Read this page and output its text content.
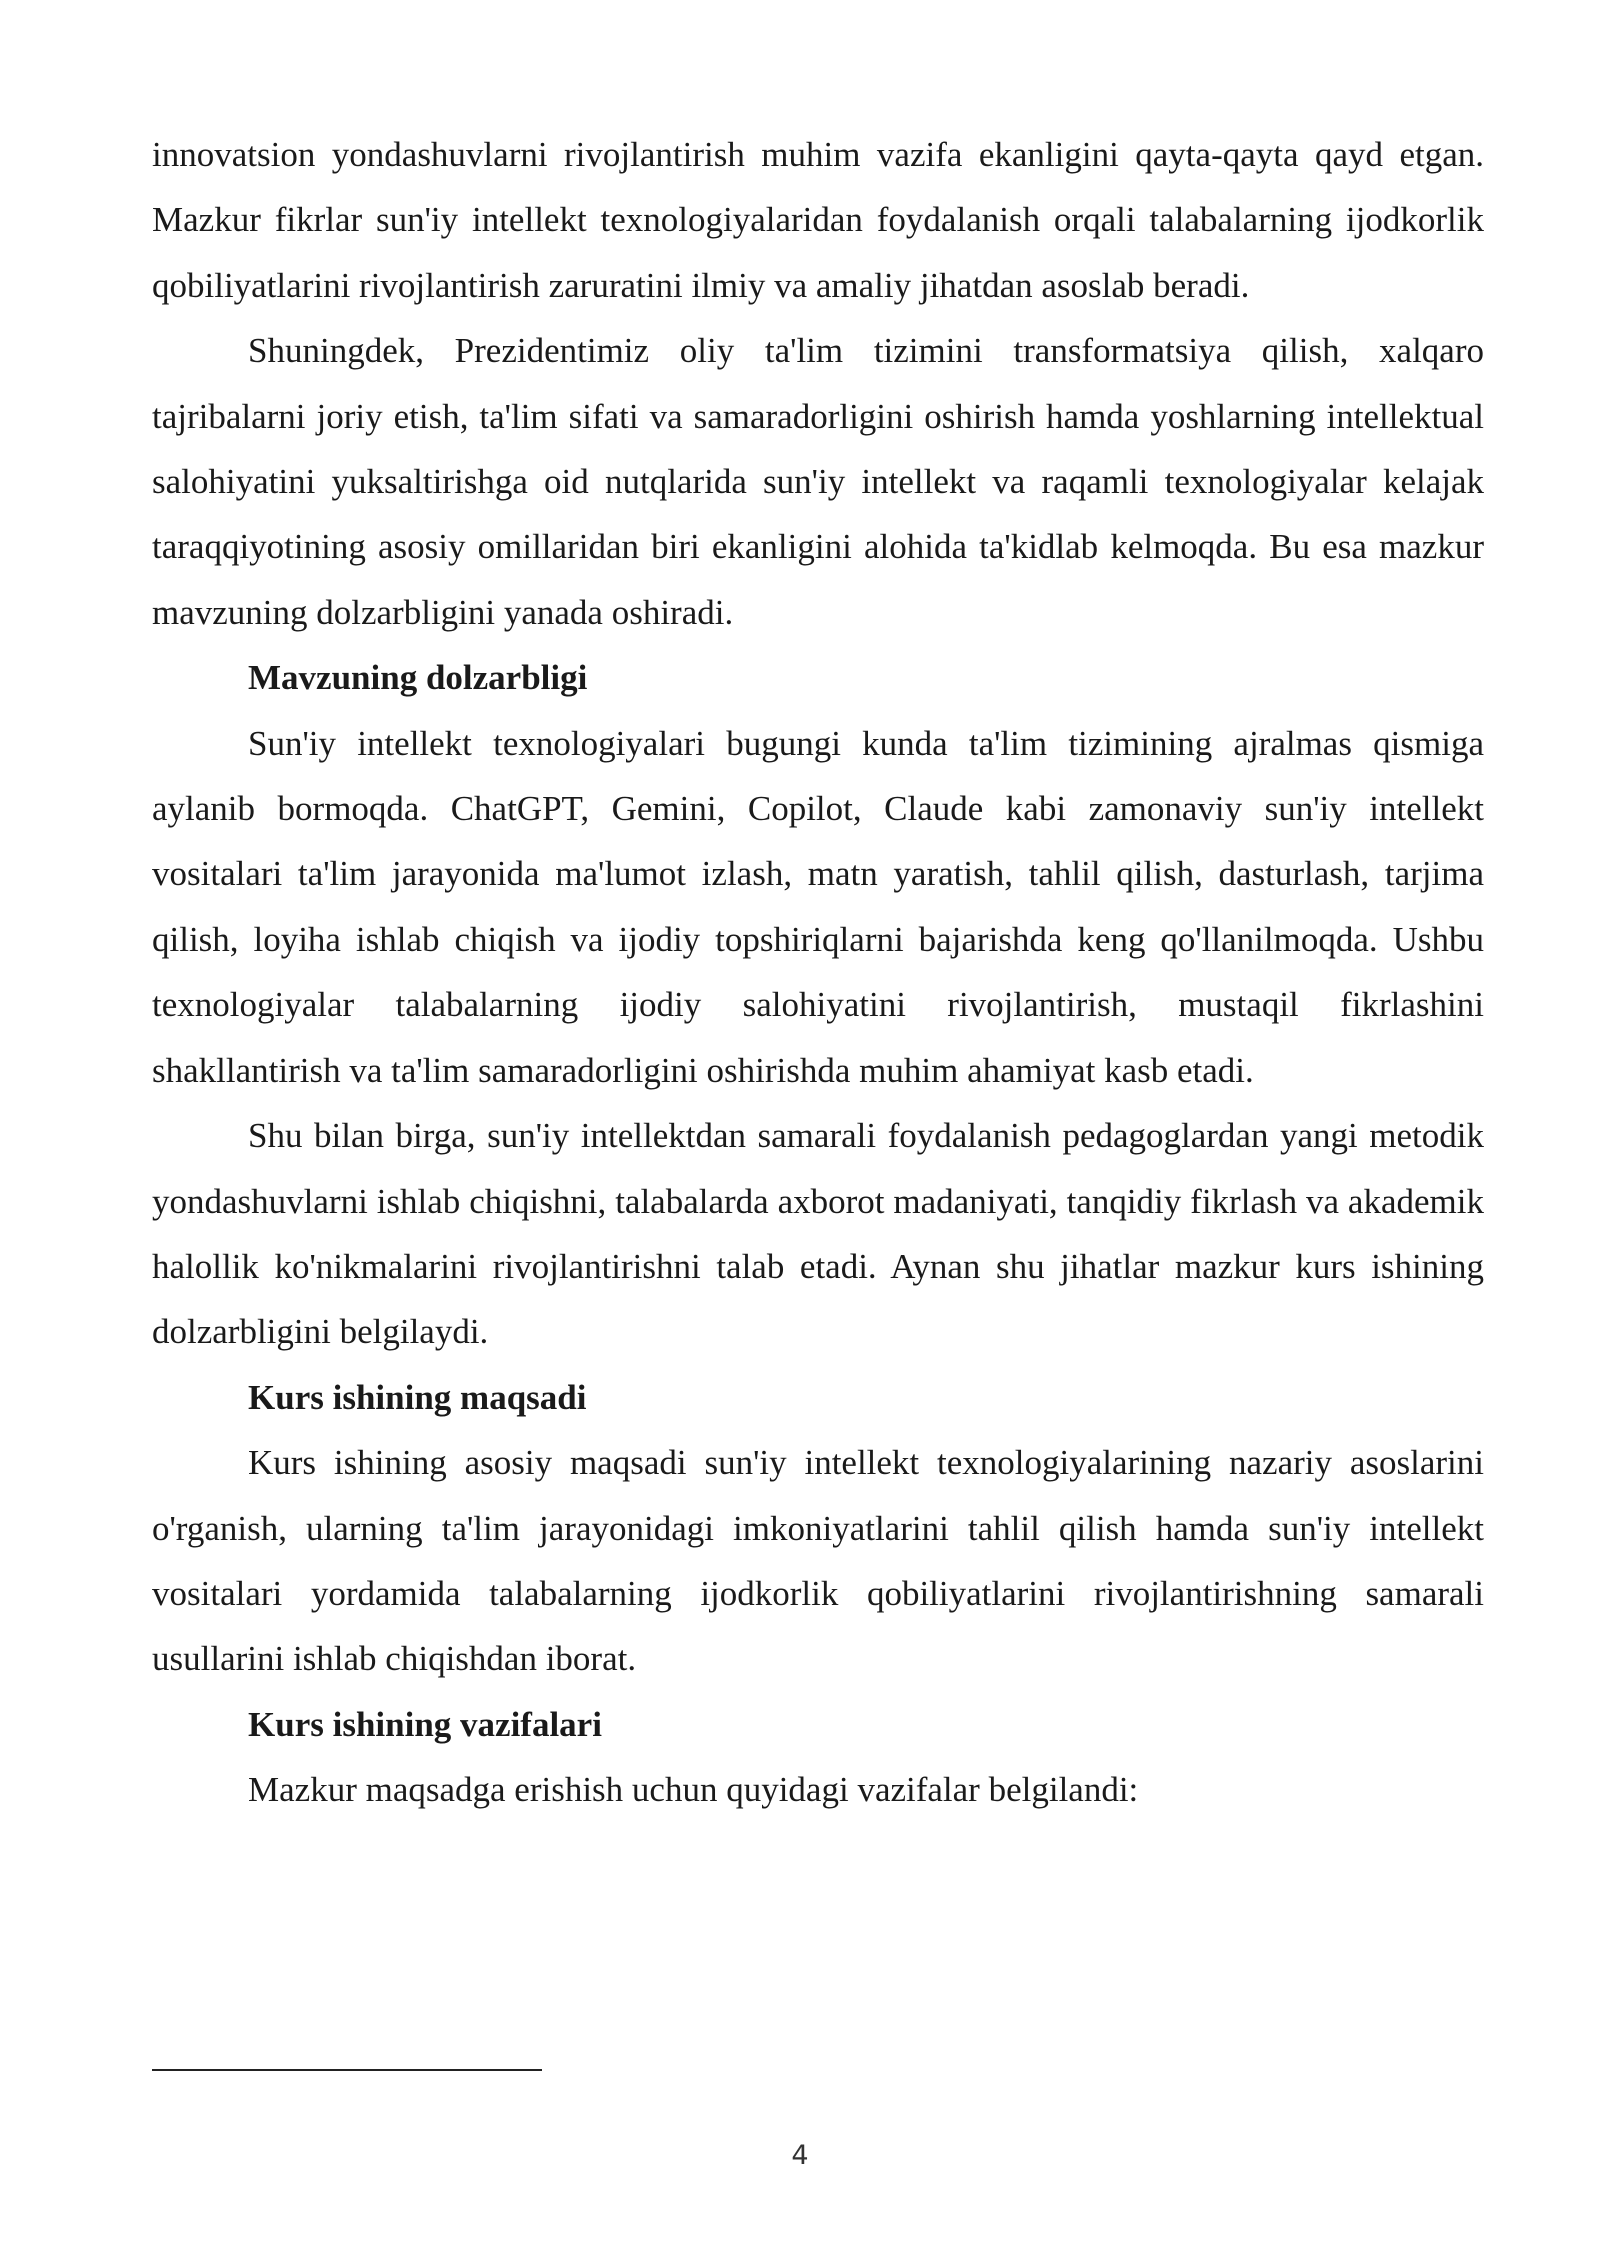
innovatsion yondashuvlarni rivojlantirish muhim vazifa ekanligini qayta-qayta qayd etgan. Mazkur fikrlar sun'iy intellekt texnologiyalaridan foydalanish orqali talabalarning ijodkorlik qobiliyatlarini rivojlantirish zaruratini ilmiy va amaliy jihatdan asoslab beradi.

Shuningdek, Prezidentimiz oliy ta'lim tizimini transformatsiya qilish, xalqaro tajribalarni joriy etish, ta'lim sifati va samaradorligini oshirish hamda yoshlarning intellektual salohiyatini yuksaltirishga oid nutqlarida sun'iy intellekt va raqamli texnologiyalar kelajak taraqqiyotining asosiy omillaridan biri ekanligini alohida ta'kidlab kelmoqda. Bu esa mazkur mavzuning dolzarbligini yanada oshiradi.

Mavzuning dolzarbligi

Sun'iy intellekt texnologiyalari bugungi kunda ta'lim tizimining ajralmas qismiga aylanib bormoqda. ChatGPT, Gemini, Copilot, Claude kabi zamonaviy sun'iy intellekt vositalari ta'lim jarayonida ma'lumot izlash, matn yaratish, tahlil qilish, dasturlash, tarjima qilish, loyiha ishlab chiqish va ijodiy topshiriqlarni bajarishda keng qo'llanilmoqda. Ushbu texnologiyalar talabalarning ijodiy salohiyatini rivojlantirish, mustaqil fikrlashini shakllantirish va ta'lim samaradorligini oshirishda muhim ahamiyat kasb etadi.

Shu bilan birga, sun'iy intellektdan samarali foydalanish pedagoglardan yangi metodik yondashuvlarni ishlab chiqishni, talabalarda axborot madaniyati, tanqidiy fikrlash va akademik halollik ko'nikmalarini rivojlantirishni talab etadi. Aynan shu jihatlar mazkur kurs ishining dolzarbligini belgilaydi.

Kurs ishining maqsadi

Kurs ishining asosiy maqsadi sun'iy intellekt texnologiyalarining nazariy asoslarini o'rganish, ularning ta'lim jarayonidagi imkoniyatlarini tahlil qilish hamda sun'iy intellekt vositalari yordamida talabalarning ijodkorlik qobiliyatlarini rivojlantirishning samarali usullarini ishlab chiqishdan iborat.

Kurs ishining vazifalari

Mazkur maqsadga erishish uchun quyidagi vazifalar belgilandi:

4
